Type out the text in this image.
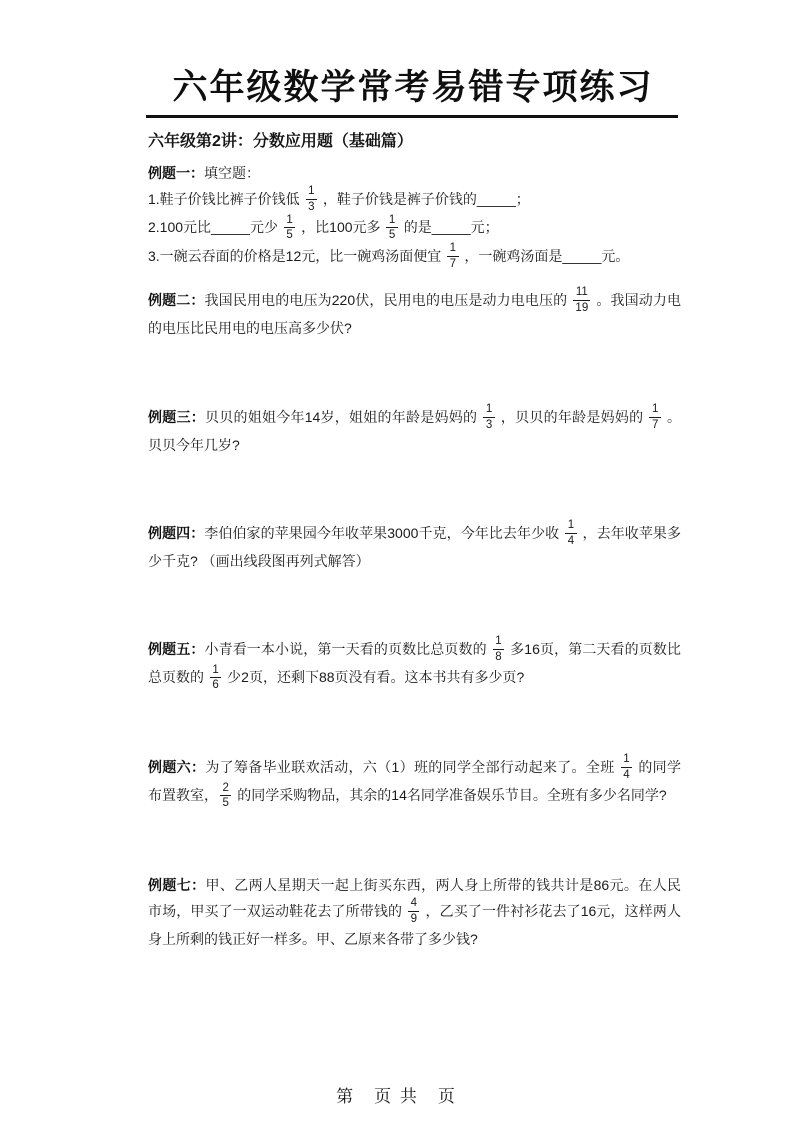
六年级数学常考易错专项练习
六年级第2讲：分数应用题（基础篇）
例题一：填空题：
1.鞋子价钱比裤子价钱低 $\frac{1}{3}$ ，鞋子价钱是裤子价钱的_____；
2.100元比_____元少 $\frac{1}{5}$ ，比100元多 $\frac{1}{5}$ 的是_____元；
3.一碗云吞面的价格是12元，比一碗鸡汤面便宜 $\frac{1}{7}$ ，一碗鸡汤面是_____元。
例题二：我国民用电的电压为220伏，民用电的电压是动力电电压的 $\frac{11}{19}$ 。我国动力电的电压比民用电的电压高多少伏?
例题三：贝贝的姐姐今年14岁，姐姐的年龄是妈妈的 $\frac{1}{3}$ ，贝贝的年龄是妈妈的 $\frac{1}{7}$ 。贝贝今年几岁?
例题四：李伯伯家的苹果园今年收苹果3000千克，今年比去年少收 $\frac{1}{4}$ ，去年收苹果多少千克? （画出线段图再列式解答）
例题五：小青看一本小说，第一天看的页数比总页数的 $\frac{1}{8}$ 多16页，第二天看的页数比总页数的 $\frac{1}{6}$ 少2页，还剩下88页没有看。这本书共有多少页?
例题六：为了筹备毕业联欢活动，六（1）班的同学全部行动起来了。全班 $\frac{1}{4}$ 的同学布置教室， $\frac{2}{5}$ 的同学采购物品，其余的14名同学准备娱乐节目。全班有多少名同学?
例题七：甲、乙两人星期天一起上街买东西，两人身上所带的钱共计是86元。在人民市场，甲买了一双运动鞋花去了所带钱的 $\frac{4}{9}$ ，乙买了一件衬衫花去了16元，这样两人身上所剩的钱正好一样多。甲、乙原来各带了多少钱?
第　页 共　页
